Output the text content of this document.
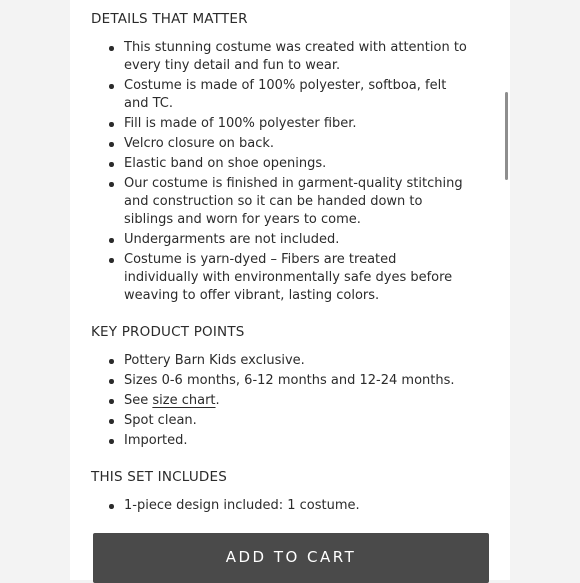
DETAILS THAT MATTER
This stunning costume was created with attention to every tiny detail and fun to wear.
Costume is made of 100% polyester, softboa, felt and TC.
Fill is made of 100% polyester fiber.
Velcro closure on back.
Elastic band on shoe openings.
Our costume is finished in garment-quality stitching and construction so it can be handed down to siblings and worn for years to come.
Undergarments are not included.
Costume is yarn-dyed – Fibers are treated individually with environmentally safe dyes before weaving to offer vibrant, lasting colors.
KEY PRODUCT POINTS
Pottery Barn Kids exclusive.
Sizes 0-6 months, 6-12 months and 12-24 months.
See size chart.
Spot clean.
Imported.
THIS SET INCLUDES
1-piece design included: 1 costume.
ADD TO CART
